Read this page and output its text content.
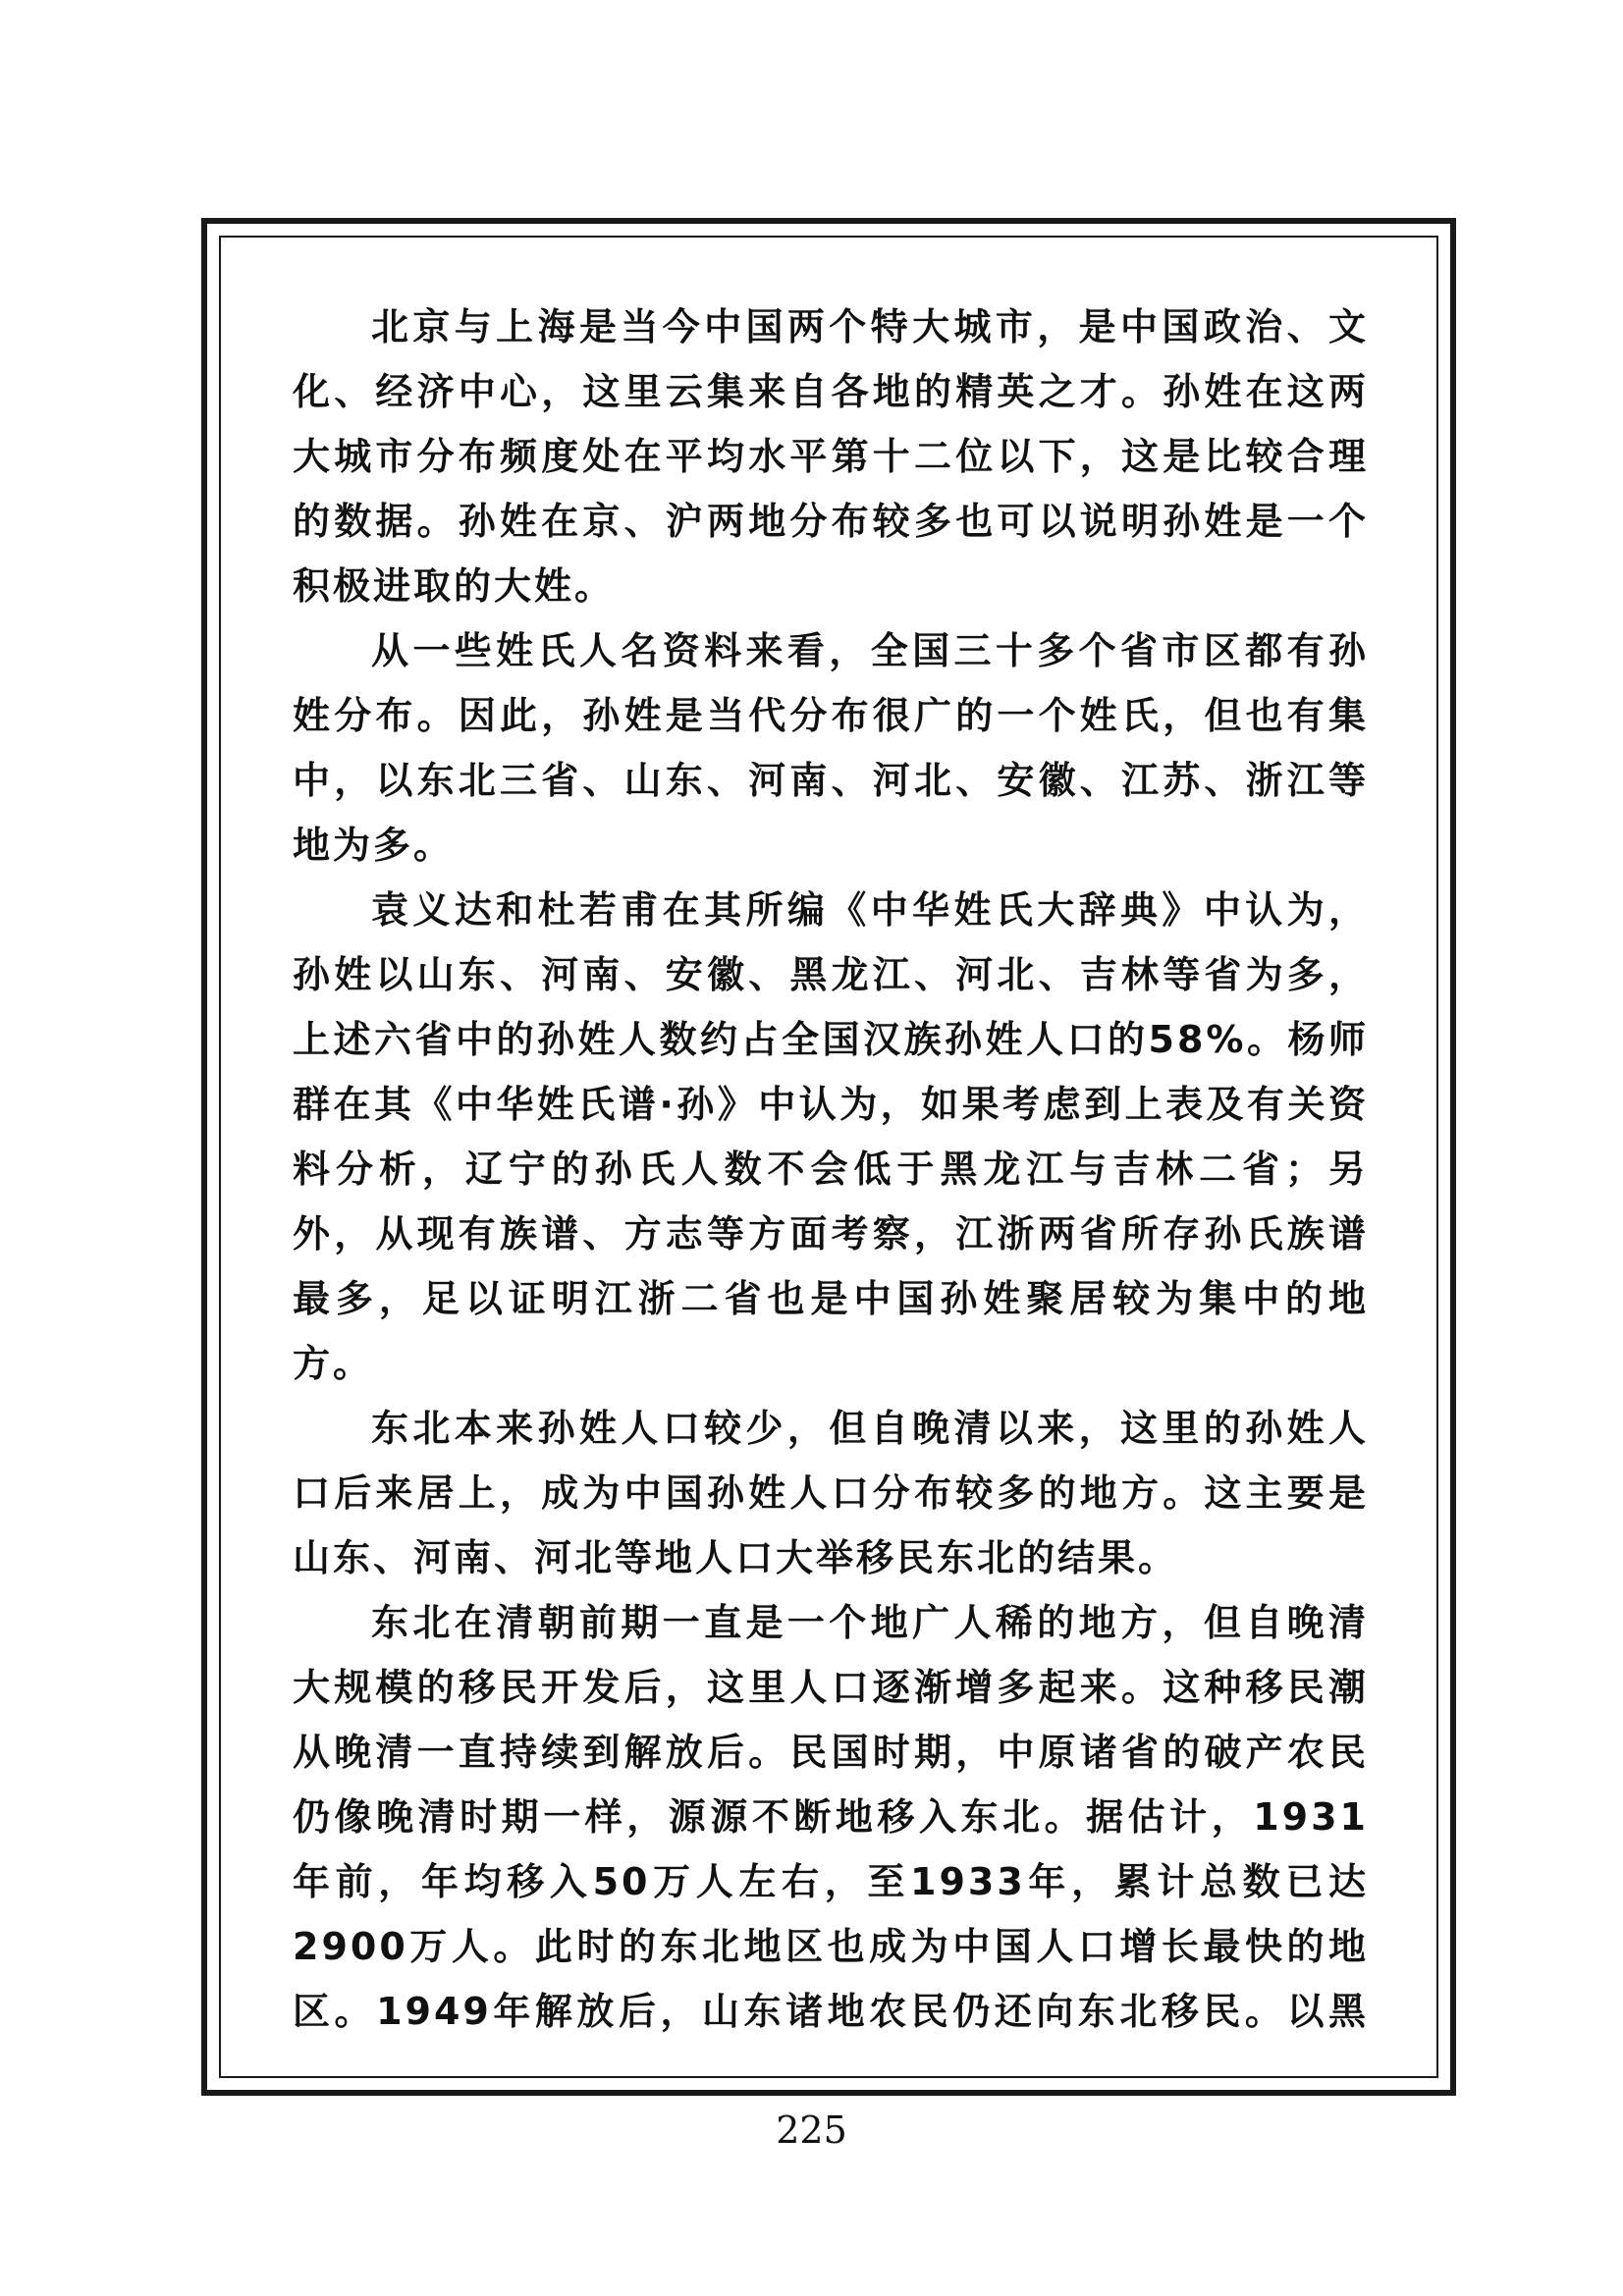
北京与上海是当今中国两个特大城市，是中国政治、文化、经济中心，这里云集来自各地的精英之才。孙姓在这两大城市分布频度处在平均水平第十二位以下，这是比较合理的数据。孙姓在京、沪两地分布较多也可以说明孙姓是一个积极进取的大姓。

从一些姓氏人名资料来看，全国三十多个省市区都有孙姓分布。因此，孙姓是当代分布很广的一个姓氏，但也有集中，以东北三省、山东、河南、河北、安徽、江苏、浙江等地为多。

袁义达和杜若甫在其所编《中华姓氏大辞典》中认为，孙姓以山东、河南、安徽、黑龙江、河北、吉林等省为多，上述六省中的孙姓人数约占全国汉族孙姓人口的58%。杨师群在其《中华姓氏谱·孙》中认为，如果考虑到上表及有关资料分析，辽宁的孙氏人数不会低于黑龙江与吉林二省；另外，从现有族谱、方志等方面考察，江浙两省所存孙氏族谱最多，足以证明江浙二省也是中国孙姓聚居较为集中的地方。

东北本来孙姓人口较少，但自晚清以来，这里的孙姓人口后来居上，成为中国孙姓人口分布较多的地方。这主要是山东、河南、河北等地人口大举移民东北的结果。

东北在清朝前期一直是一个地广人稀的地方，但自晚清大规模的移民开发后，这里人口逐渐增多起来。这种移民潮从晚清一直持续到解放后。民国时期，中原诸省的破产农民仍像晚清时期一样，源源不断地移入东北。据估计，1931年前，年均移入50万人左右，至1933年，累计总数已达2900万人。此时的东北地区也成为中国人口增长最快的地区。1949年解放后，山东诸地农民仍还向东北移民。以黑

225
